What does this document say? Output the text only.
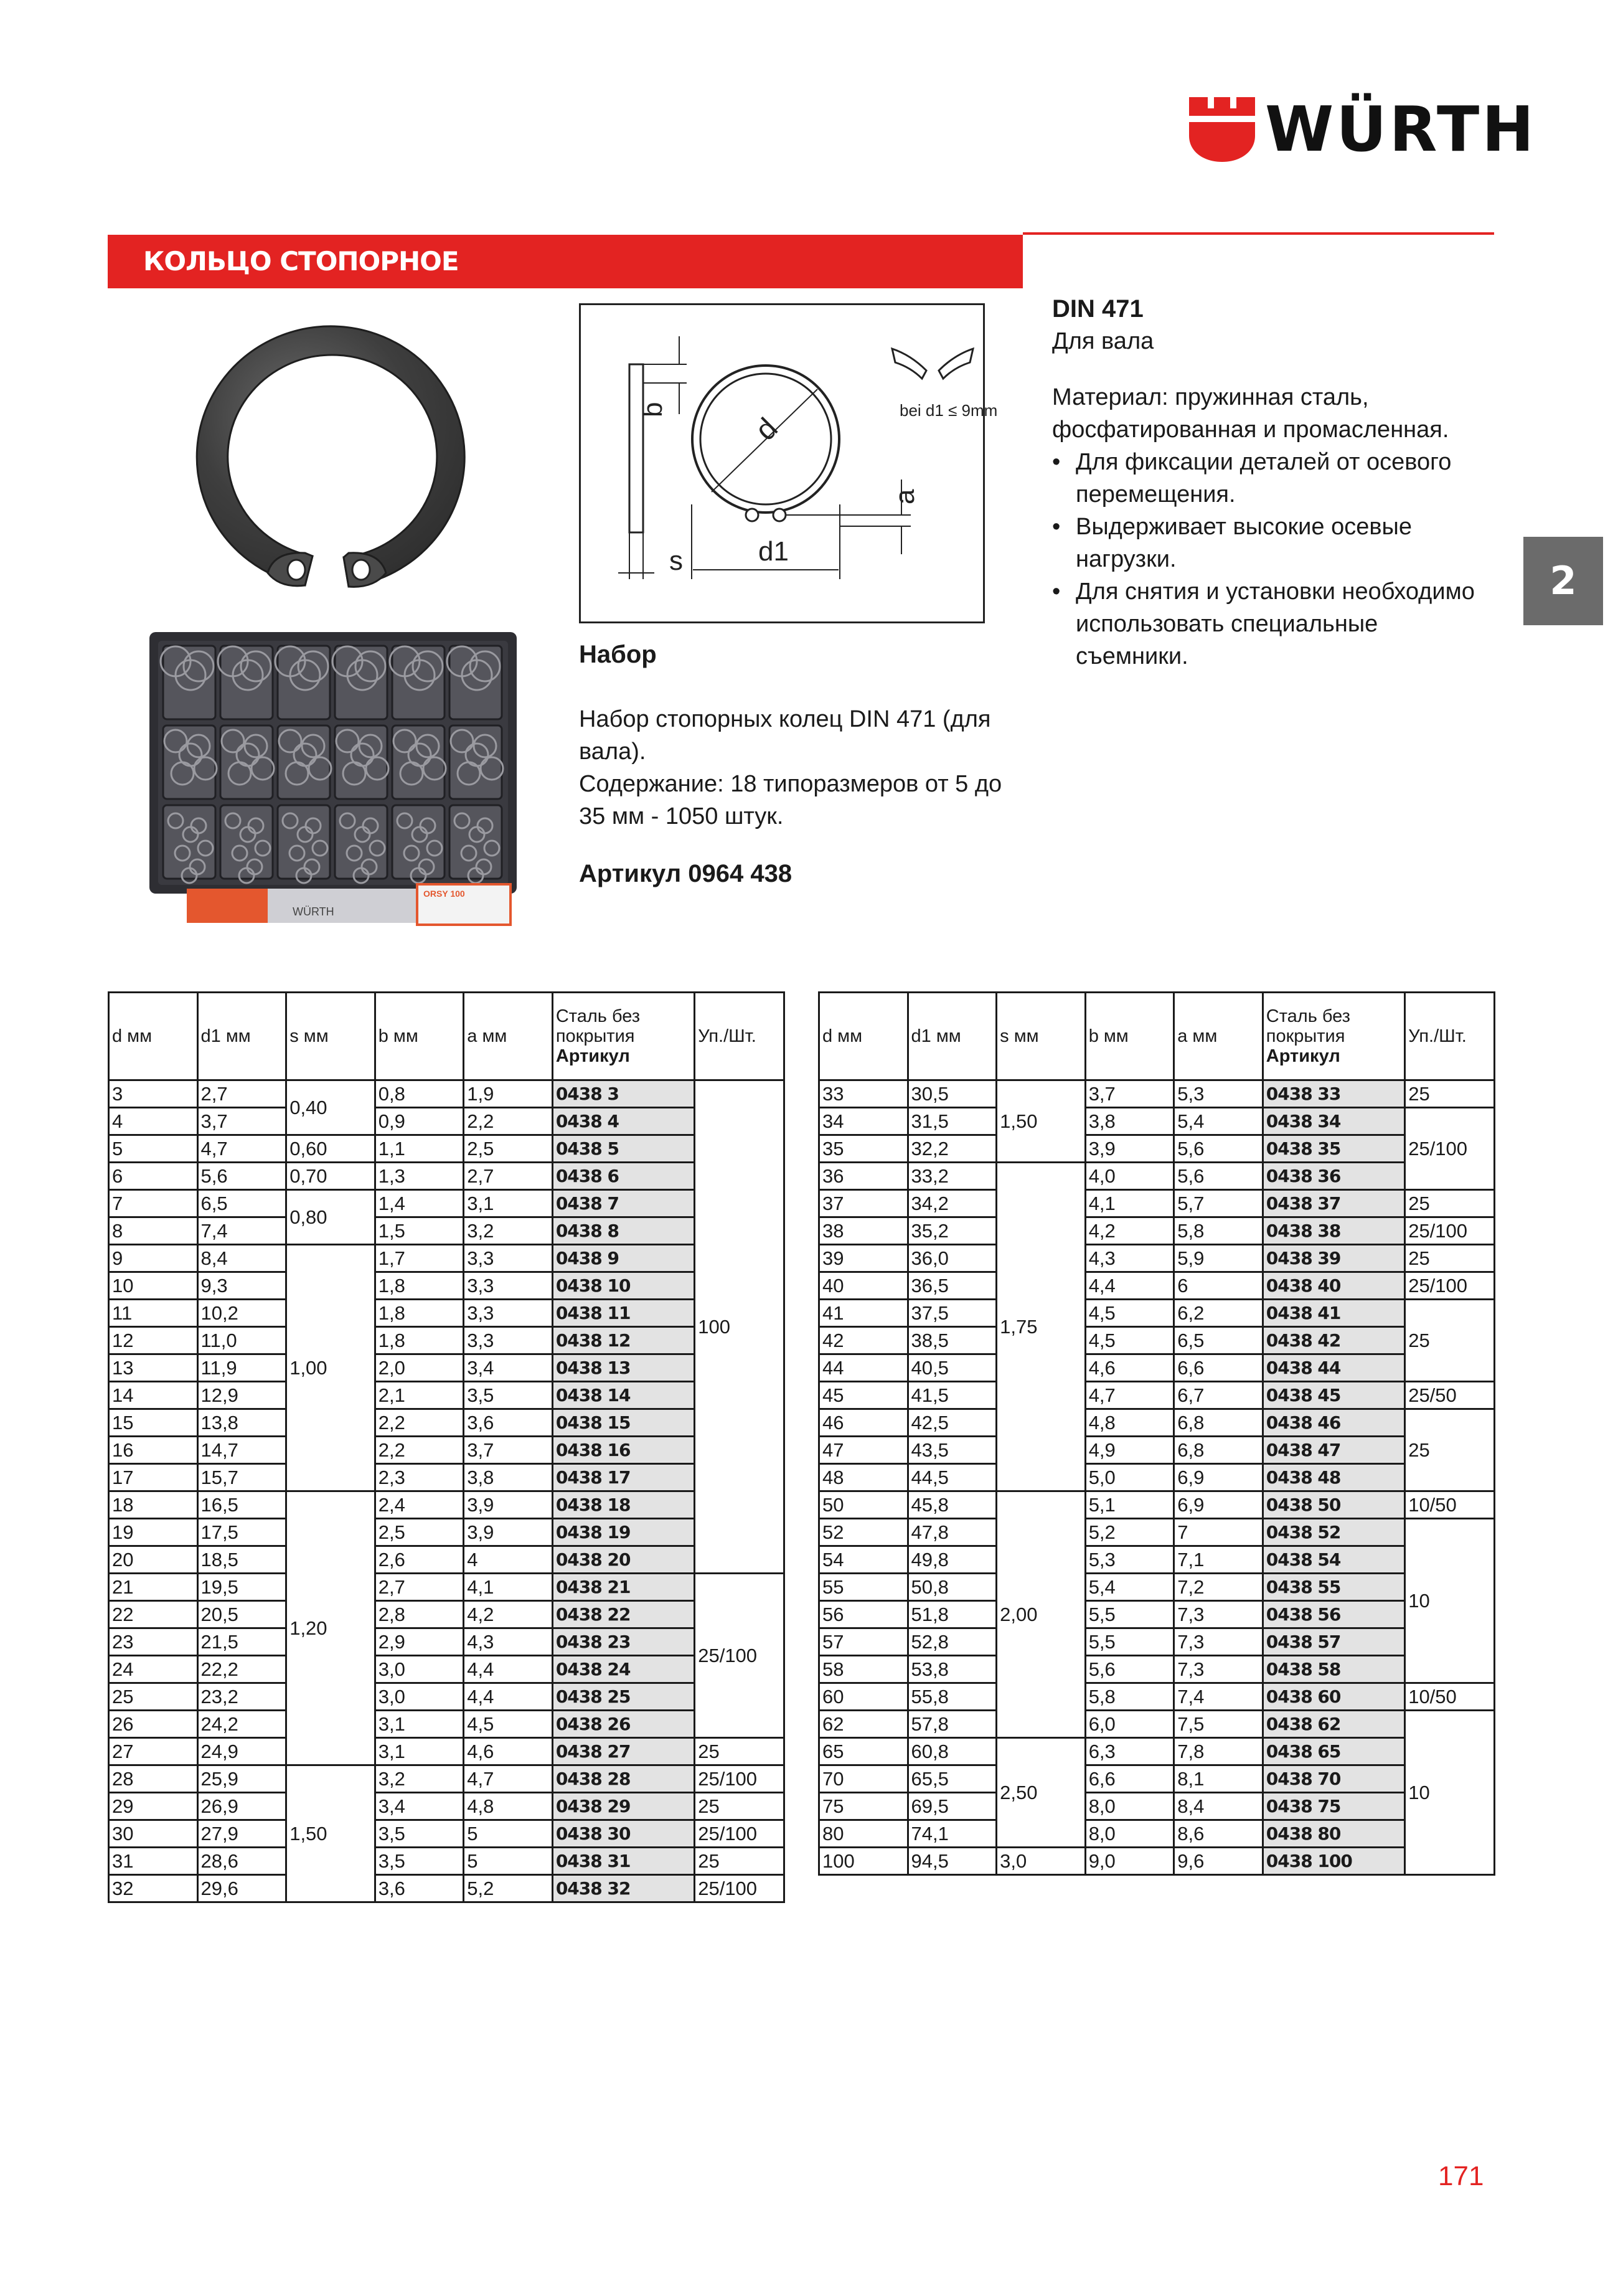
WÜRTH
КОЛЬЦО СТОПОРНОЕ
2
b
s
d
d1
a
bei d1 ≤ 9mm
DIN 471
Для вала
Материал: пружинная сталь, фосфатированная и промасленная.
• Для фиксации деталей от осевого перемещения.
• Выдерживает высокие осевые нагрузки.
• Для снятия и установки необходимо использовать специальные съемники.
ORSY 100
WÜRTH
Набор
Набор стопорных колец DIN 471 (для вала).
Содержание: 18 типоразмеров от 5 до 35 мм - 1050 штук.
Артикул 0964 438
d мм	d1 мм	s мм	b мм	a мм	Сталь без покрытия
Артикул	Уп./Шт.
3	2,7	0,40	0,8	1,9	0438 3	100
4	3,7		0,9	2,2	0438 4	
5	4,7	0,60	1,1	2,5	0438 5	
6	5,6	0,70	1,3	2,7	0438 6	
7	6,5	0,80	1,4	3,1	0438 7	
8	7,4		1,5	3,2	0438 8	
9	8,4	1,00	1,7	3,3	0438 9	
10	9,3		1,8	3,3	0438 10	
11	10,2		1,8	3,3	0438 11	
12	11,0		1,8	3,3	0438 12	
13	11,9		2,0	3,4	0438 13	
14	12,9		2,1	3,5	0438 14	
15	13,8		2,2	3,6	0438 15	
16	14,7		2,2	3,7	0438 16	
17	15,7		2,3	3,8	0438 17	
18	16,5	1,20	2,4	3,9	0438 18	
19	17,5		2,5	3,9	0438 19	
20	18,5		2,6	4	0438 20	
21	19,5		2,7	4,1	0438 21	25/100
22	20,5		2,8	4,2	0438 22	
23	21,5		2,9	4,3	0438 23	
24	22,2		3,0	4,4	0438 24	
25	23,2		3,0	4,4	0438 25	
26	24,2		3,1	4,5	0438 26	
27	24,9		3,1	4,6	0438 27	25
28	25,9	1,50	3,2	4,7	0438 28	25/100
29	26,9		3,4	4,8	0438 29	25
30	27,9		3,5	5	0438 30	25/100
31	28,6		3,5	5	0438 31	25
32	29,6		3,6	5,2	0438 32	25/100
d мм	d1 мм	s мм	b мм	a мм	Сталь без покрытия
Артикул	Уп./Шт.
33	30,5	1,50	3,7	5,3	0438 33	25
34	31,5		3,8	5,4	0438 34	25/100
35	32,2		3,9	5,6	0438 35	
36	33,2	1,75	4,0	5,6	0438 36	
37	34,2		4,1	5,7	0438 37	25
38	35,2		4,2	5,8	0438 38	25/100
39	36,0		4,3	5,9	0438 39	25
40	36,5		4,4	6	0438 40	25/100
41	37,5		4,5	6,2	0438 41	25
42	38,5		4,5	6,5	0438 42	
44	40,5		4,6	6,6	0438 44	
45	41,5		4,7	6,7	0438 45	25/50
46	42,5		4,8	6,8	0438 46	25
47	43,5		4,9	6,8	0438 47	
48	44,5		5,0	6,9	0438 48	
50	45,8	2,00	5,1	6,9	0438 50	10/50
52	47,8		5,2	7	0438 52	10
54	49,8		5,3	7,1	0438 54	
55	50,8		5,4	7,2	0438 55	
56	51,8		5,5	7,3	0438 56	
57	52,8		5,5	7,3	0438 57	
58	53,8		5,6	7,3	0438 58	
60	55,8		5,8	7,4	0438 60	10/50
62	57,8		6,0	7,5	0438 62	10
65	60,8	2,50	6,3	7,8	0438 65	
70	65,5		6,6	8,1	0438 70	
75	69,5		8,0	8,4	0438 75	
80	74,1		8,0	8,6	0438 80	
100	94,5	3,0	9,0	9,6	0438 100	
171
